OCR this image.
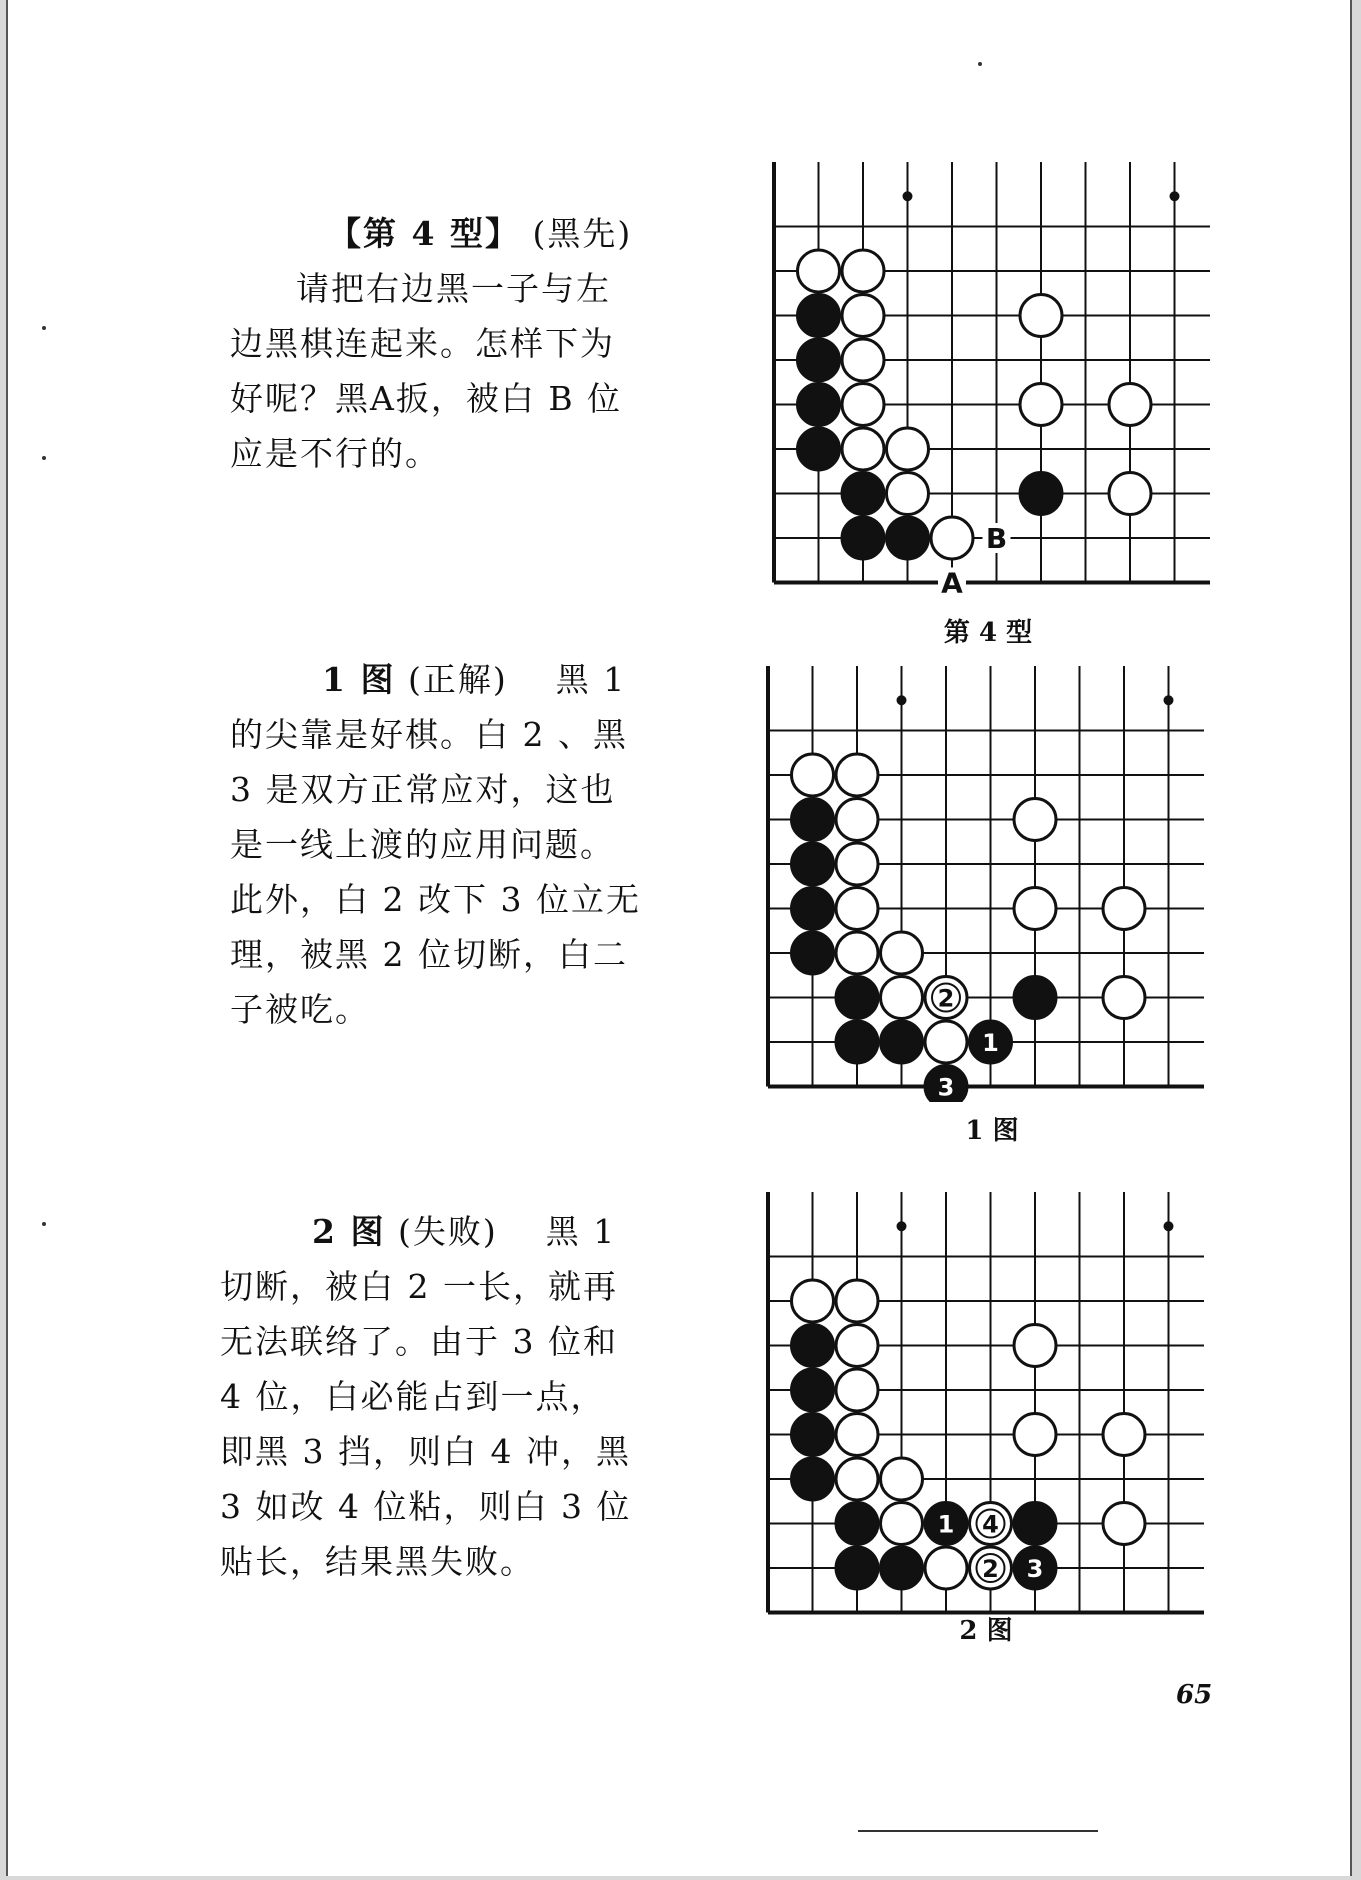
【第 4 型】 (黑先)

请把右边黑一子与左

边黑棋连起来。怎样下为

好呢？黑A扳，被白 B 位

应是不行的。

B
A
第 4 型

1 图 (正解) 黑 1

的尖靠是好棋。白 2 、黑

3 是双方正常应对，这也

是一线上渡的应用问题。

此外，白 2 改下 3 位立无

理，被黑 2 位切断，白二

子被吃。	2
1
3
1 图

2 图 (失败) 黑 1

切断，被白 2 一长，就再

无法联络了。由于 3 位和

4 位，白必能占到一点，

即黑 3 挡，则白 4 冲，黑

3 如改 4 位粘，则白 3 位

贴长，结果黑失败。

1 4
2 3
2 图
65
